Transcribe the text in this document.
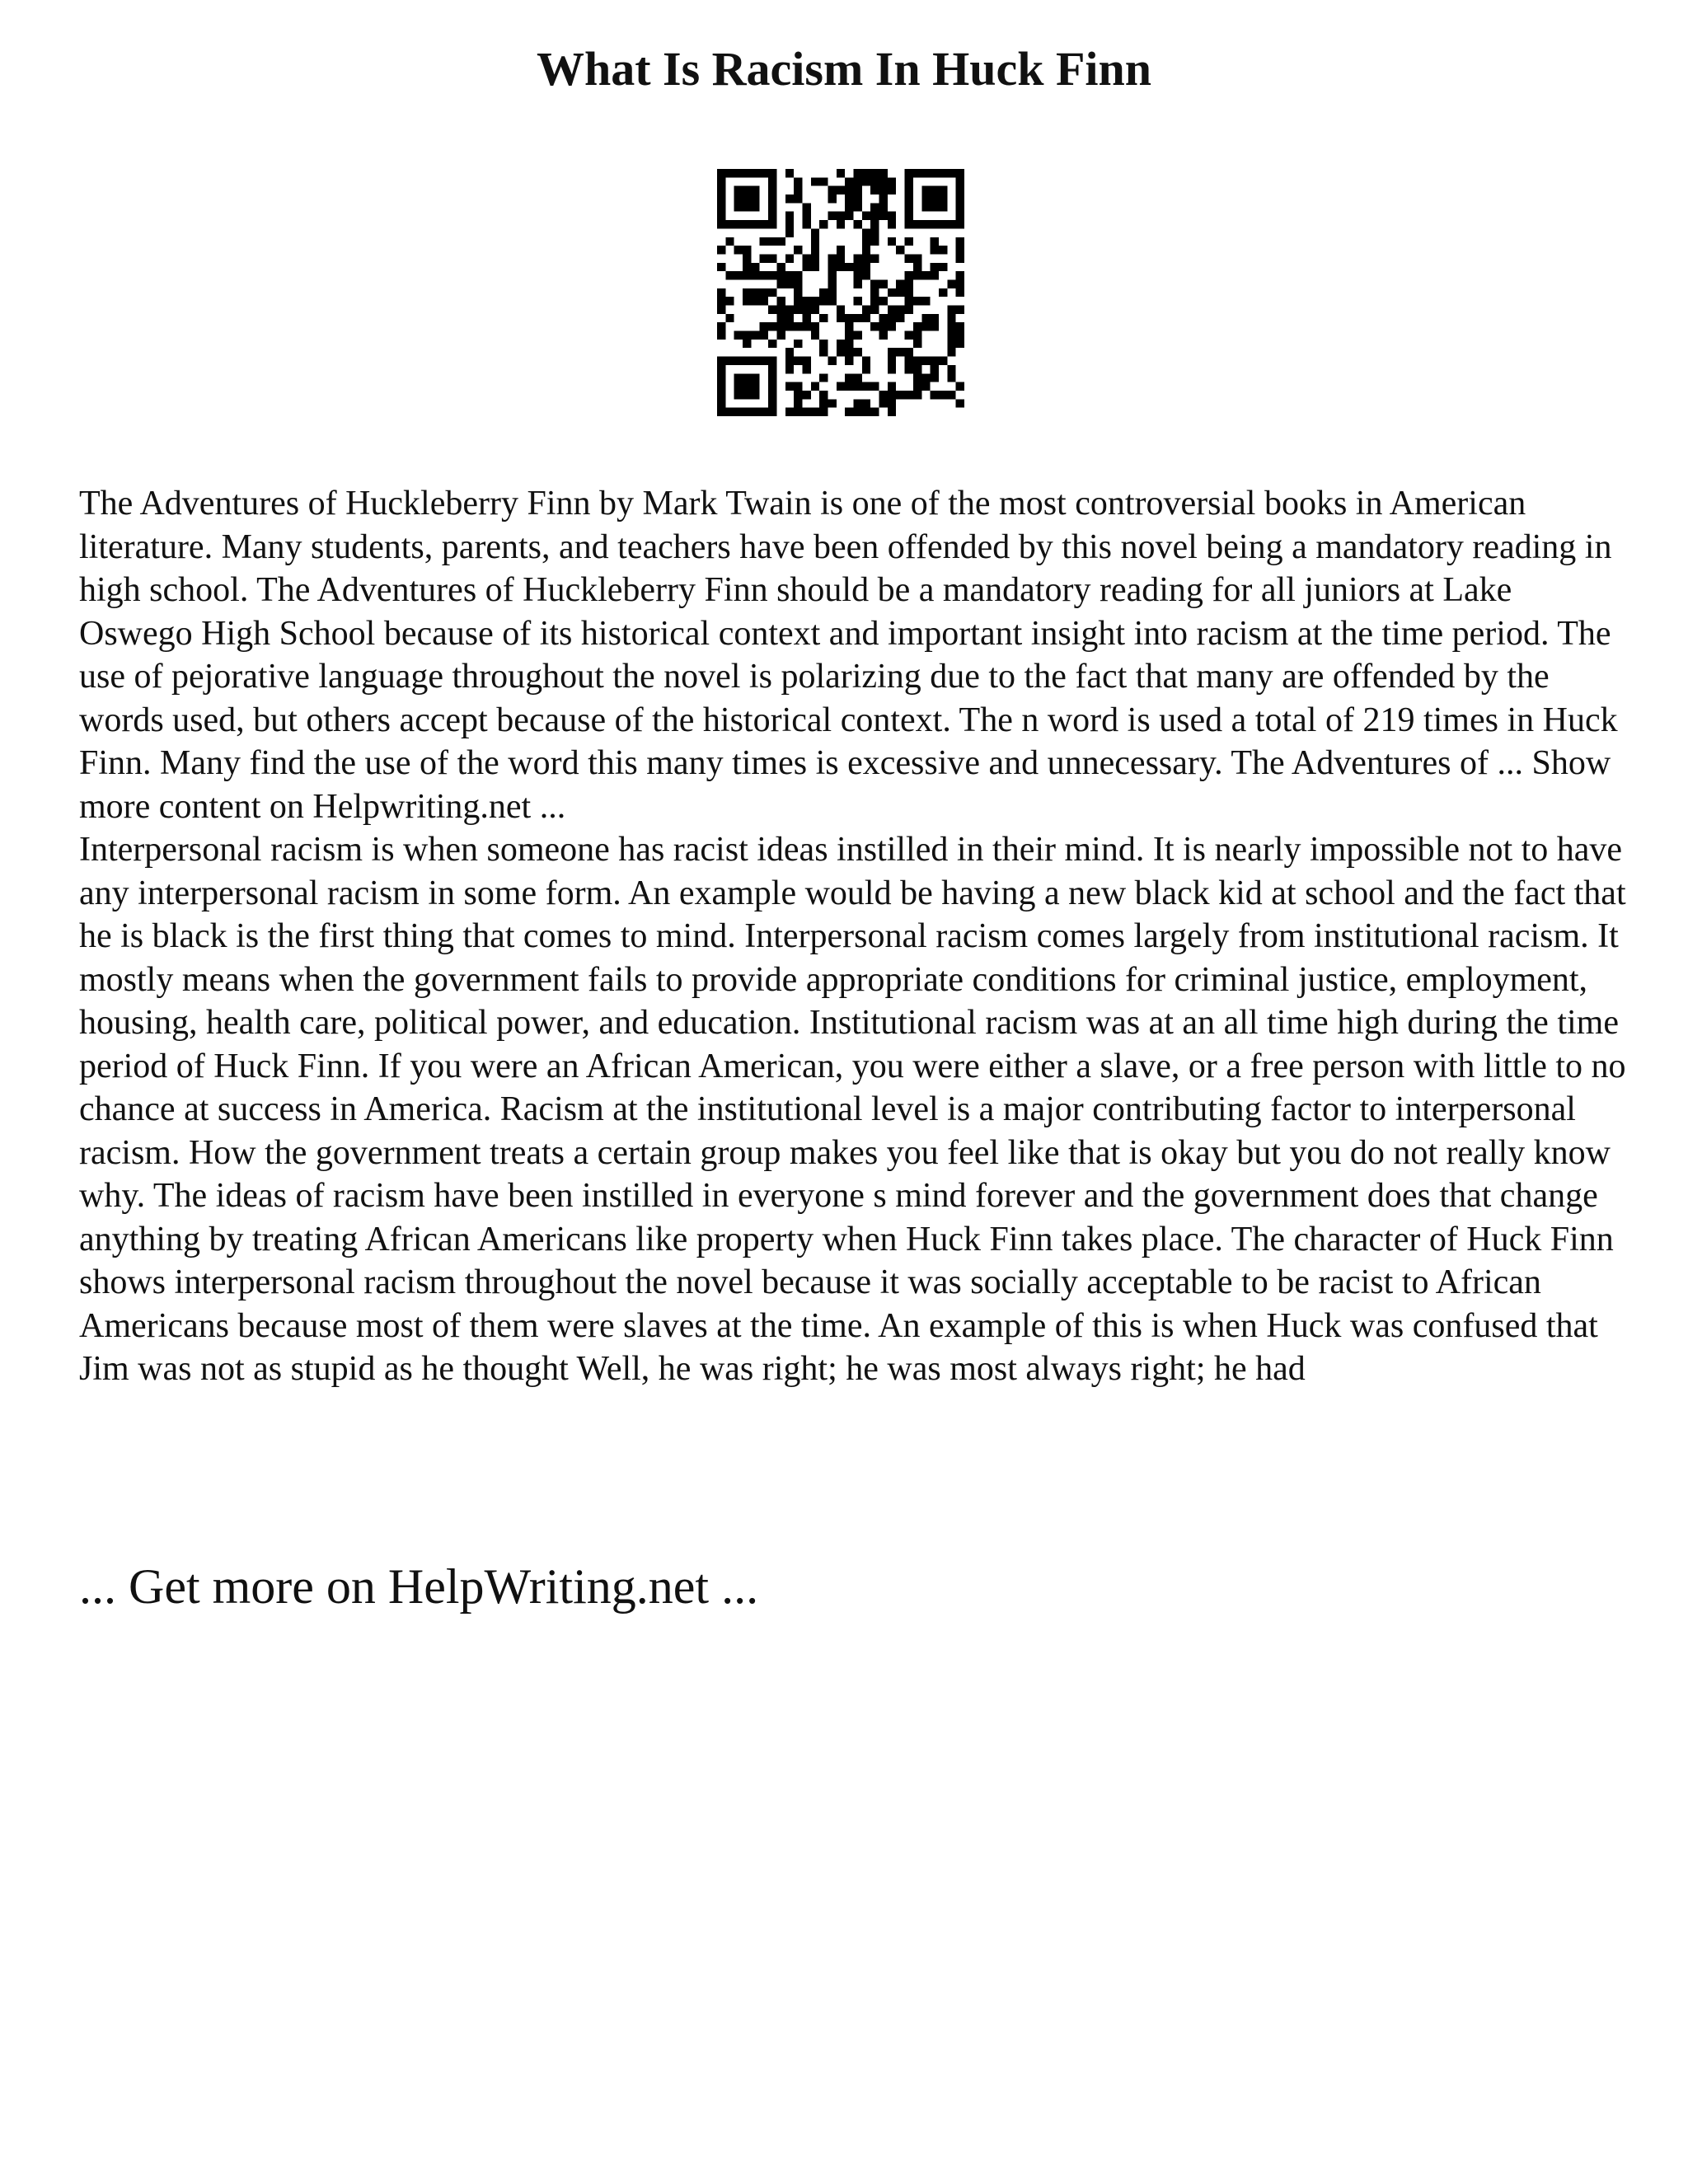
What Is Racism In Huck Finn

The Adventures of Huckleberry Finn by Mark Twain is one of the most controversial books in American literature. Many students, parents, and teachers have been offended by this novel being a mandatory reading in high school. The Adventures of Huckleberry Finn should be a mandatory reading for all juniors at Lake Oswego High School because of its historical context and important insight into racism at the time period. The use of pejorative language throughout the novel is polarizing due to the fact that many are offended by the words used, but others accept because of the historical context. The n word is used a total of 219 times in Huck Finn. Many find the use of the word this many times is excessive and unnecessary. The Adventures of ... Show more content on Helpwriting.net ...

Interpersonal racism is when someone has racist ideas instilled in their mind. It is nearly impossible not to have any interpersonal racism in some form. An example would be having a new black kid at school and the fact that he is black is the first thing that comes to mind. Interpersonal racism comes largely from institutional racism. It mostly means when the government fails to provide appropriate conditions for criminal justice, employment, housing, health care, political power, and education. Institutional racism was at an all time high during the time period of Huck Finn. If you were an African American, you were either a slave, or a free person with little to no chance at success in America. Racism at the institutional level is a major contributing factor to interpersonal racism. How the government treats a certain group makes you feel like that is okay but you do not really know why. The ideas of racism have been instilled in everyone s mind forever and the government does that change anything by treating African Americans like property when Huck Finn takes place. The character of Huck Finn shows interpersonal racism throughout the novel because it was socially acceptable to be racist to African Americans because most of them were slaves at the time. An example of this is when Huck was confused that Jim was not as stupid as he thought Well, he was right; he was most always right; he had

... Get more on HelpWriting.net ...
